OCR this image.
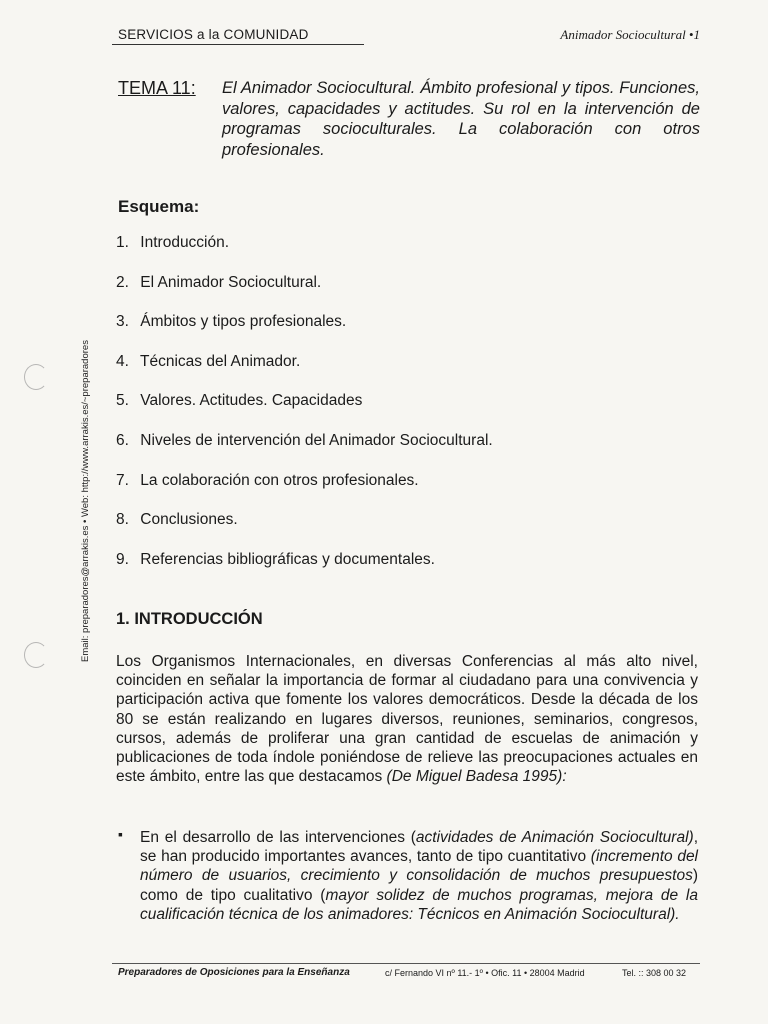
SERVICIOS a la COMUNIDAD	Animador Sociocultural •1
TEMA 11: El Animador Sociocultural. Ámbito profesional y tipos. Funciones, valores, capacidades y actitudes. Su rol en la intervención de programas socioculturales. La colaboración con otros profesionales.
Esquema:
1. Introducción.
2. El Animador Sociocultural.
3. Ámbitos y tipos profesionales.
4. Técnicas del Animador.
5. Valores. Actitudes. Capacidades
6. Niveles de intervención del Animador Sociocultural.
7. La colaboración con otros profesionales.
8. Conclusiones.
9. Referencias bibliográficas y documentales.
1. INTRODUCCIÓN

Los Organismos Internacionales, en diversas Conferencias al más alto nivel, coinciden en señalar la importancia de formar al ciudadano para una convivencia y participación activa que fomente los valores democráticos. Desde la década de los 80 se están realizando en lugares diversos, reuniones, seminarios, congresos, cursos, además de proliferar una gran cantidad de escuelas de animación y publicaciones de toda índole poniéndose de relieve las preocupaciones actuales en este ámbito, entre las que destacamos (De Miguel Badesa 1995):

▪ En el desarrollo de las intervenciones (actividades de Animación Sociocultural), se han producido importantes avances, tanto de tipo cuantitativo (incremento del número de usuarios, crecimiento y consolidación de muchos presupuestos) como de tipo cualitativo (mayor solidez de muchos programas, mejora de la cualificación técnica de los animadores: Técnicos en Animación Sociocultural).

Email: preparadores@arrakis.es • Web: http://www.arrakis.es/~preparadores
Preparadores de Oposiciones para la Enseñanza	c/ Fernando VI nº 11.- 1º • Ofic. 11 • 28004 Madrid	Tel. :: 308 00 32
